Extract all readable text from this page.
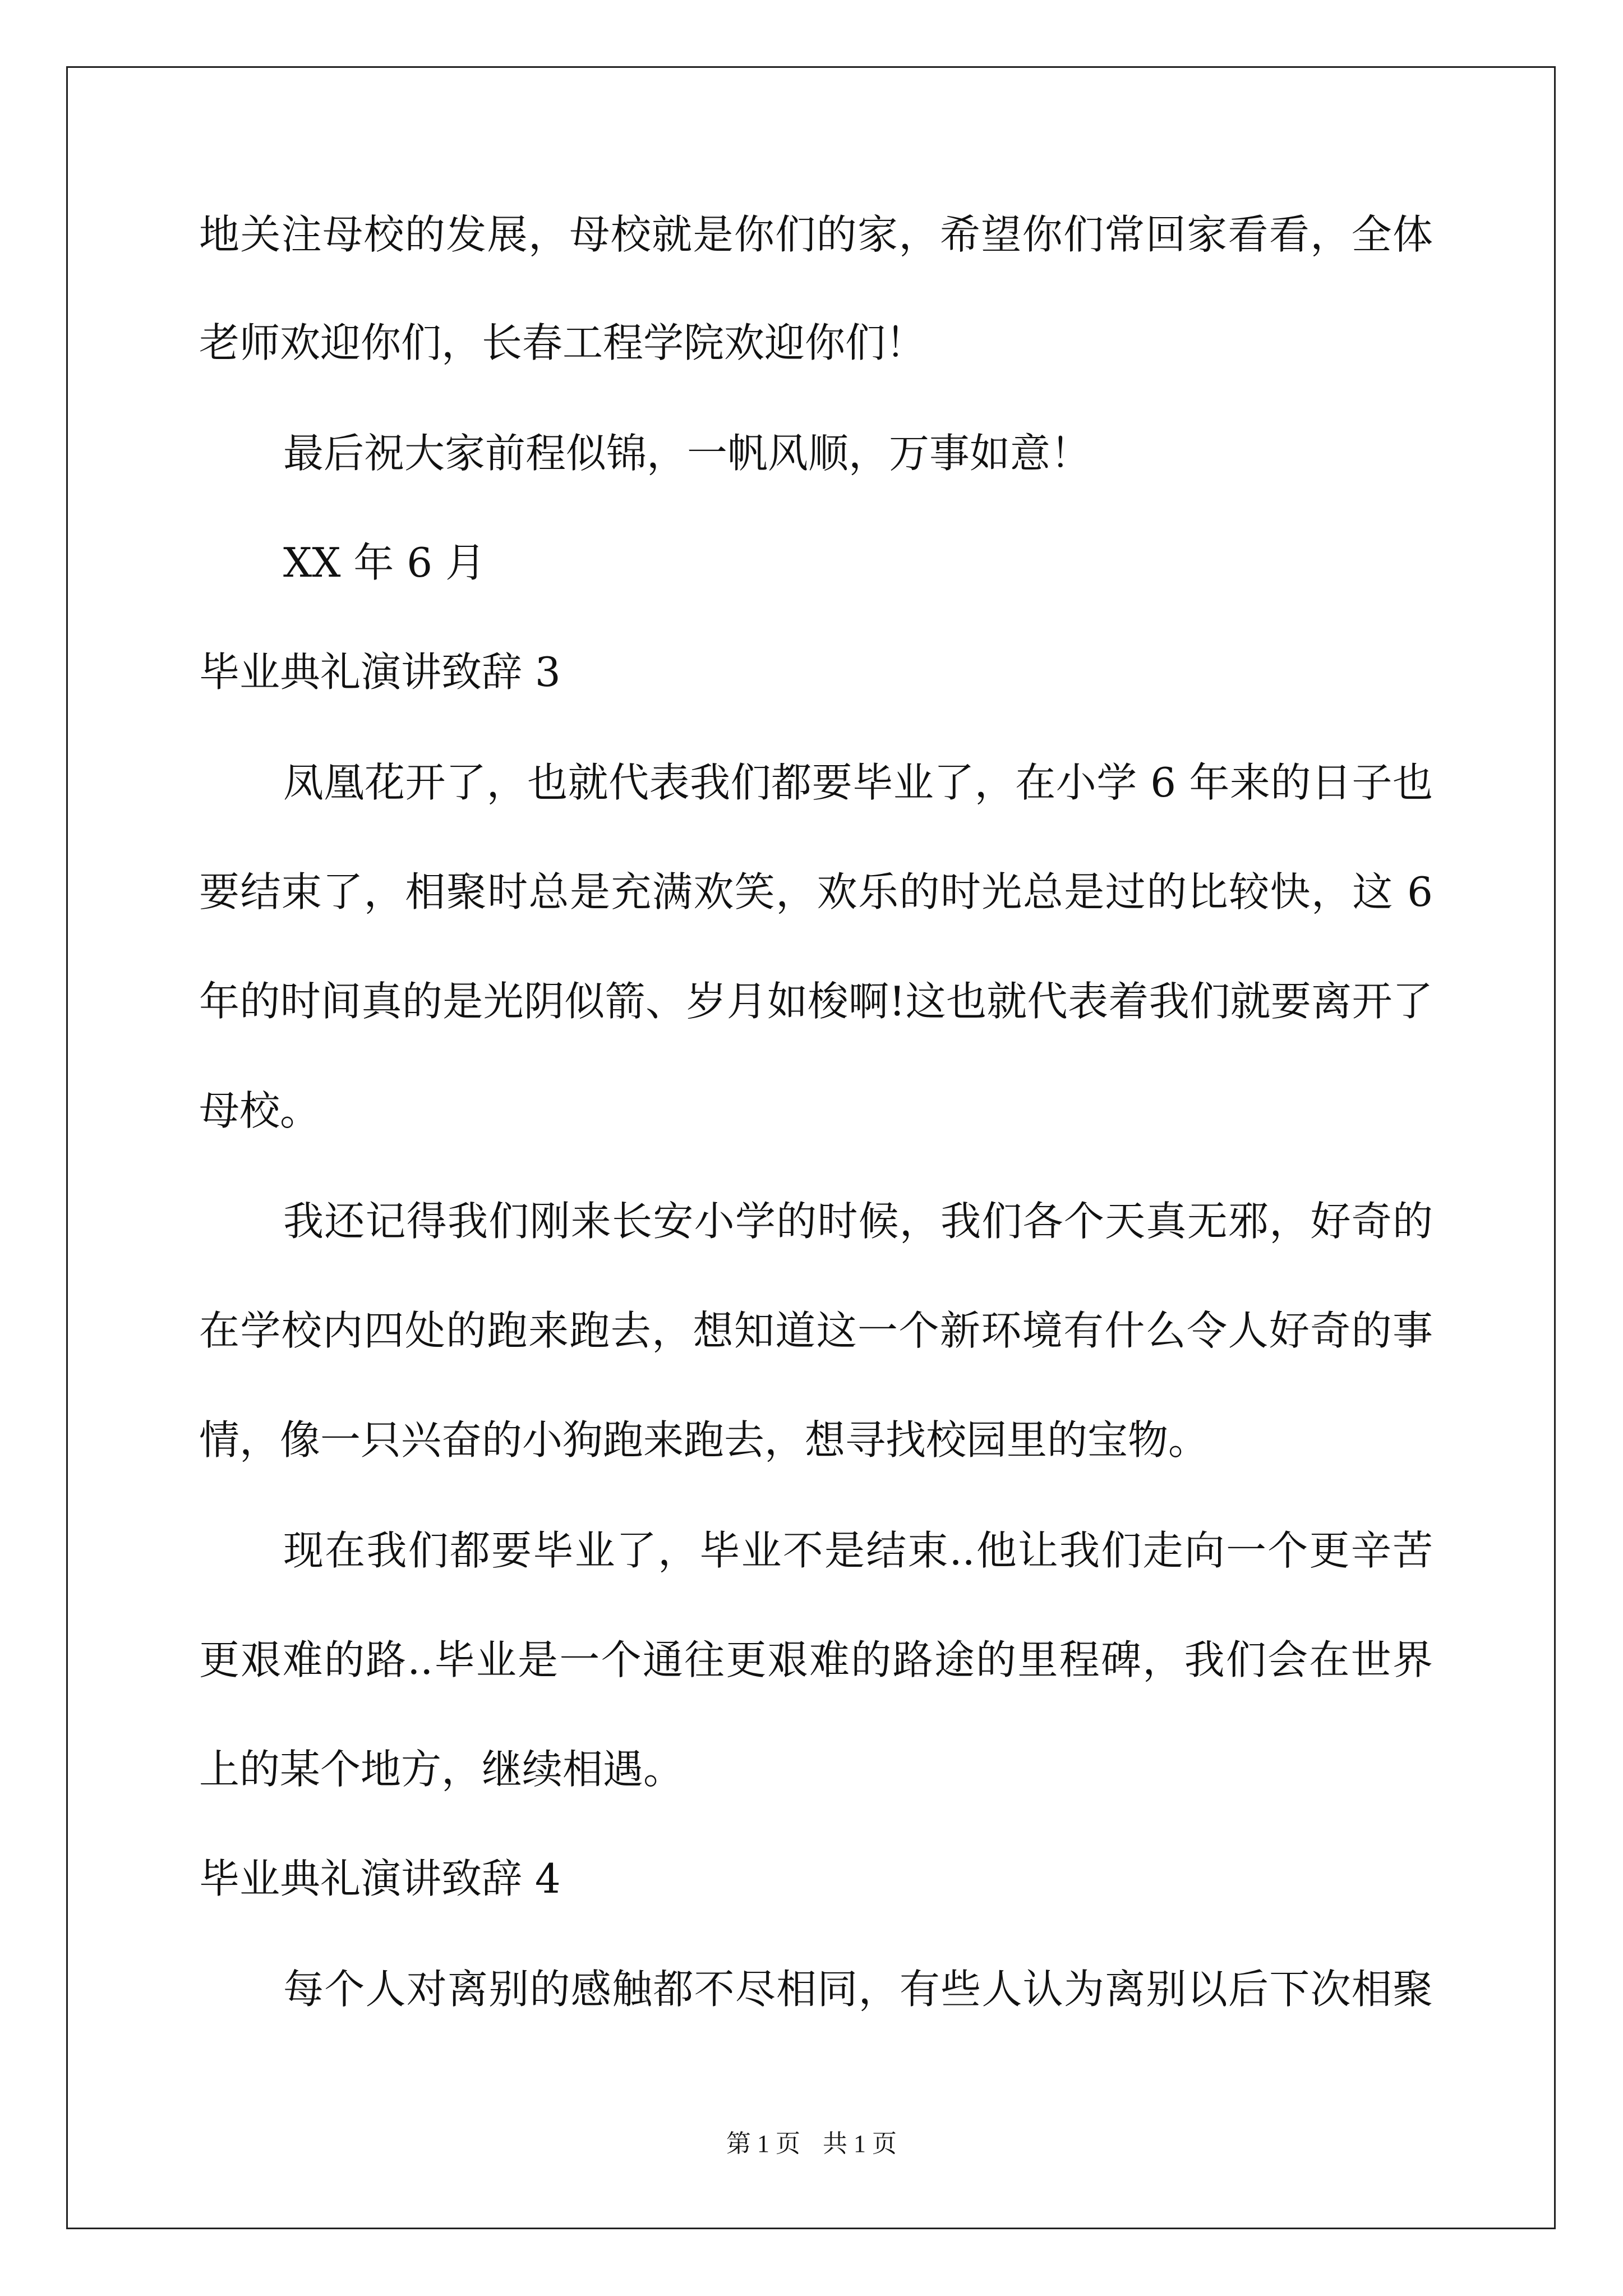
地关注母校的发展，母校就是你们的家，希望你们常回家看看，全体

老师欢迎你们，长春工程学院欢迎你们！

最后祝大家前程似锦，一帆风顺，万事如意！

XX 年 6 月

毕业典礼演讲致辞 3

凤凰花开了，也就代表我们都要毕业了，在小学 6 年来的日子也

要结束了，相聚时总是充满欢笑，欢乐的时光总是过的比较快，这 6

年的时间真的是光阴似箭、岁月如梭啊!这也就代表着我们就要离开了

母校。

我还记得我们刚来长安小学的时候，我们各个天真无邪，好奇的

在学校内四处的跑来跑去，想知道这一个新环境有什么令人好奇的事

情，像一只兴奋的小狗跑来跑去，想寻找校园里的宝物。

现在我们都要毕业了，毕业不是结束..他让我们走向一个更辛苦

更艰难的路..毕业是一个通往更艰难的路途的里程碑，我们会在世界

上的某个地方，继续相遇。

毕业典礼演讲致辞 4

每个人对离别的感触都不尽相同，有些人认为离别以后下次相聚

第 1 页 共 1 页
